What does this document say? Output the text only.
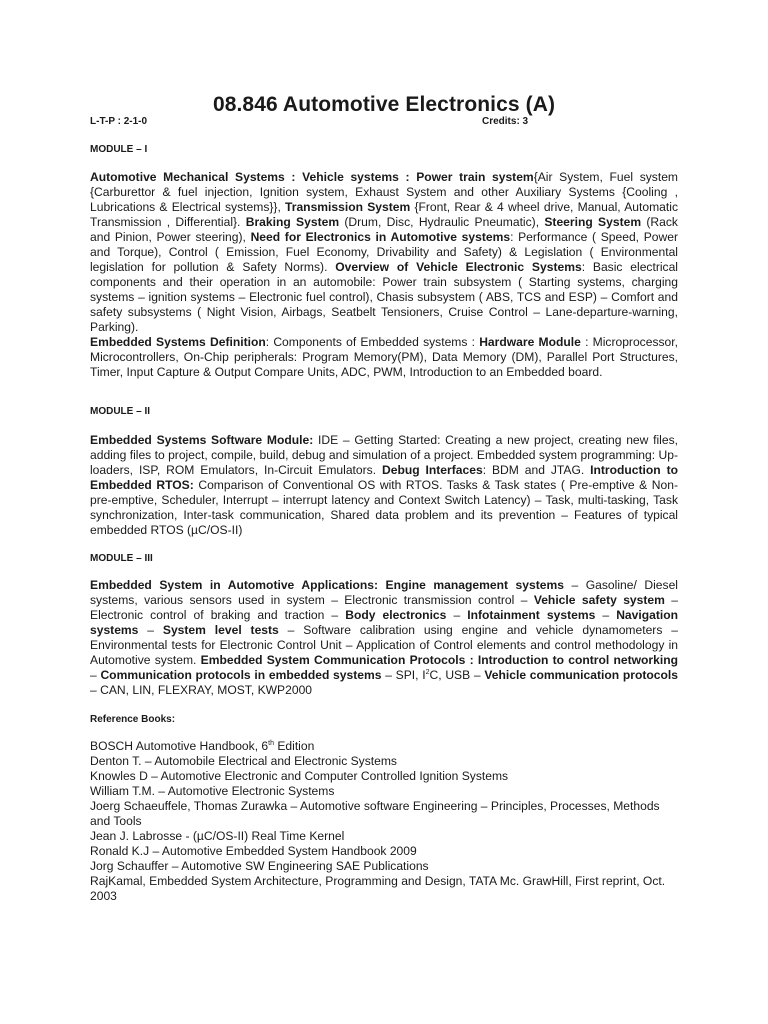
08.846 Automotive Electronics (A)
L-T-P : 2-1-0	Credits: 3
MODULE – I
Automotive Mechanical Systems : Vehicle systems : Power train system{Air System, Fuel system {Carburettor & fuel injection, Ignition system, Exhaust System and other Auxiliary Systems {Cooling , Lubrications & Electrical systems}}, Transmission System {Front, Rear & 4 wheel drive, Manual, Automatic Transmission , Differential}. Braking System (Drum, Disc, Hydraulic Pneumatic), Steering System (Rack and Pinion, Power steering), Need for Electronics in Automotive systems: Performance ( Speed, Power and Torque), Control ( Emission, Fuel Economy, Drivability and Safety) & Legislation ( Environmental legislation for pollution & Safety Norms). Overview of Vehicle Electronic Systems: Basic electrical components and their operation in an automobile: Power train subsystem ( Starting systems, charging systems – ignition systems – Electronic fuel control), Chasis subsystem ( ABS, TCS and ESP) – Comfort and safety subsystems ( Night Vision, Airbags, Seatbelt Tensioners, Cruise Control – Lane-departure-warning, Parking).
Embedded Systems Definition: Components of Embedded systems : Hardware Module : Microprocessor, Microcontrollers, On-Chip peripherals: Program Memory(PM), Data Memory (DM), Parallel Port Structures, Timer, Input Capture & Output Compare Units, ADC, PWM, Introduction to an Embedded board.
MODULE – II
Embedded Systems Software Module: IDE – Getting Started: Creating a new project, creating new files, adding files to project, compile, build, debug and simulation of a project. Embedded system programming: Up-loaders, ISP, ROM Emulators, In-Circuit Emulators. Debug Interfaces: BDM and JTAG. Introduction to Embedded RTOS: Comparison of Conventional OS with RTOS. Tasks & Task states ( Pre-emptive & Non-pre-emptive, Scheduler, Interrupt – interrupt latency and Context Switch Latency) – Task, multi-tasking, Task synchronization, Inter-task communication, Shared data problem and its prevention – Features of typical embedded RTOS (µC/OS-II)
MODULE – III
Embedded System in Automotive Applications: Engine management systems – Gasoline/ Diesel systems, various sensors used in system – Electronic transmission control – Vehicle safety system – Electronic control of braking and traction – Body electronics – Infotainment systems – Navigation systems – System level tests – Software calibration using engine and vehicle dynamometers – Environmental tests for Electronic Control Unit – Application of Control elements and control methodology in Automotive system. Embedded System Communication Protocols : Introduction to control networking – Communication protocols in embedded systems – SPI, $I^2C$, USB – Vehicle communication protocols – CAN, LIN, FLEXRAY, MOST, KWP2000
Reference Books:
BOSCH Automotive Handbook, 6th Edition
Denton T. – Automobile Electrical and Electronic Systems
Knowles D – Automotive Electronic and Computer Controlled Ignition Systems
William T.M. – Automotive Electronic Systems
Joerg Schaeuffele, Thomas Zurawka – Automotive software Engineering – Principles, Processes, Methods and Tools
Jean J. Labrosse - (µC/OS-II) Real Time Kernel
Ronald K.J – Automotive Embedded System Handbook 2009
Jorg Schauffer – Automotive SW Engineering SAE Publications
RajKamal, Embedded System Architecture, Programming and Design, TATA Mc. GrawHill, First reprint, Oct. 2003
